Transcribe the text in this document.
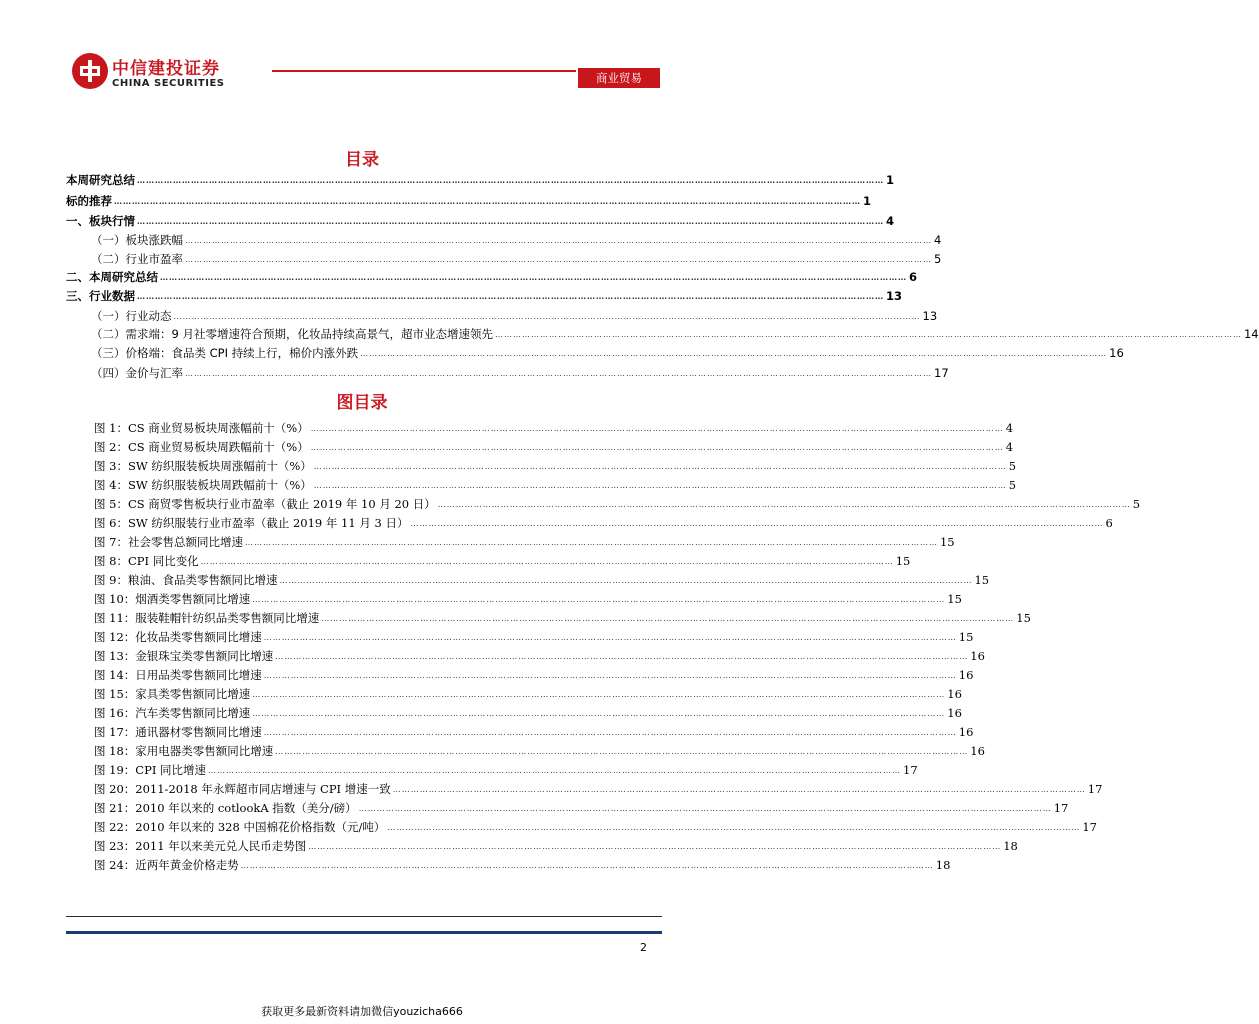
中信建投证券
CHINA SECURITIES	商业贸易
目录
本周研究总结 …………………………………………………………………………………………………………………………………………………………………………………………………………………………… 1
标的推荐 …………………………………………………………………………………………………………………………………………………………………………………………………………………………… 1
一、板块行情 …………………………………………………………………………………………………………………………………………………………………………………………………………………………… 4
（一）板块涨跌幅 …………………………………………………………………………………………………………………………………………………………………………………………………………………………… 4
（二）行业市盈率 …………………………………………………………………………………………………………………………………………………………………………………………………………………………… 5
二、本周研究总结 …………………………………………………………………………………………………………………………………………………………………………………………………………………………… 6
三、行业数据 …………………………………………………………………………………………………………………………………………………………………………………………………………………………… 13
（一）行业动态 …………………………………………………………………………………………………………………………………………………………………………………………………………………………… 13
（二）需求端：9 月社零增速符合预期，化妆品持续高景气，超市业态增速领先 …………………………………………………………………………………………………………………………………………………………………………………………………………………………… 14
（三）价格端：食品类 CPI 持续上行，棉价内涨外跌 …………………………………………………………………………………………………………………………………………………………………………………………………………………………… 16
（四）金价与汇率 …………………………………………………………………………………………………………………………………………………………………………………………………………………………… 17
图目录
图 1：CS 商业贸易板块周涨幅前十（%） …………………………………………………………………………………………………………………………………………………………………………………………………………… 4
图 2：CS 商业贸易板块周跌幅前十（%） …………………………………………………………………………………………………………………………………………………………………………………………………………… 4
图 3：SW 纺织服装板块周涨幅前十（%） …………………………………………………………………………………………………………………………………………………………………………………………………………… 5
图 4：SW 纺织服装板块周跌幅前十（%） …………………………………………………………………………………………………………………………………………………………………………………………………………… 5
图 5：CS 商贸零售板块行业市盈率（截止 2019 年 10 月 20 日） …………………………………………………………………………………………………………………………………………………………………………………………………………… 5
图 6：SW 纺织服装行业市盈率（截止 2019 年 11 月 3 日） …………………………………………………………………………………………………………………………………………………………………………………………………………… 6
图 7：社会零售总额同比增速 …………………………………………………………………………………………………………………………………………………………………………………………………………… 15
图 8：CPI 同比变化 …………………………………………………………………………………………………………………………………………………………………………………………………………… 15
图 9：粮油、食品类零售额同比增速 …………………………………………………………………………………………………………………………………………………………………………………………………………… 15
图 10：烟酒类零售额同比增速 …………………………………………………………………………………………………………………………………………………………………………………………………………… 15
图 11：服装鞋帽针纺织品类零售额同比增速 …………………………………………………………………………………………………………………………………………………………………………………………………………… 15
图 12：化妆品类零售额同比增速 …………………………………………………………………………………………………………………………………………………………………………………………………………… 15
图 13：金银珠宝类零售额同比增速 …………………………………………………………………………………………………………………………………………………………………………………………………………… 16
图 14：日用品类零售额同比增速 …………………………………………………………………………………………………………………………………………………………………………………………………………… 16
图 15：家具类零售额同比增速 …………………………………………………………………………………………………………………………………………………………………………………………………………… 16
图 16：汽车类零售额同比增速 …………………………………………………………………………………………………………………………………………………………………………………………………………… 16
图 17：通讯器材零售额同比增速 …………………………………………………………………………………………………………………………………………………………………………………………………………… 16
图 18：家用电器类零售额同比增速 …………………………………………………………………………………………………………………………………………………………………………………………………………… 16
图 19：CPI 同比增速 …………………………………………………………………………………………………………………………………………………………………………………………………………… 17
图 20：2011-2018 年永辉超市同店增速与 CPI 增速一致 …………………………………………………………………………………………………………………………………………………………………………………………………………… 17
图 21：2010 年以来的 cotlookA 指数（美分/磅） …………………………………………………………………………………………………………………………………………………………………………………………………………… 17
图 22：2010 年以来的 328 中国棉花价格指数（元/吨） …………………………………………………………………………………………………………………………………………………………………………………………………………… 17
图 23：2011 年以来美元兑人民币走势图 …………………………………………………………………………………………………………………………………………………………………………………………………………… 18
图 24：近两年黄金价格走势 …………………………………………………………………………………………………………………………………………………………………………………………………………… 18
2
获取更多最新资料请加微信youzicha666
